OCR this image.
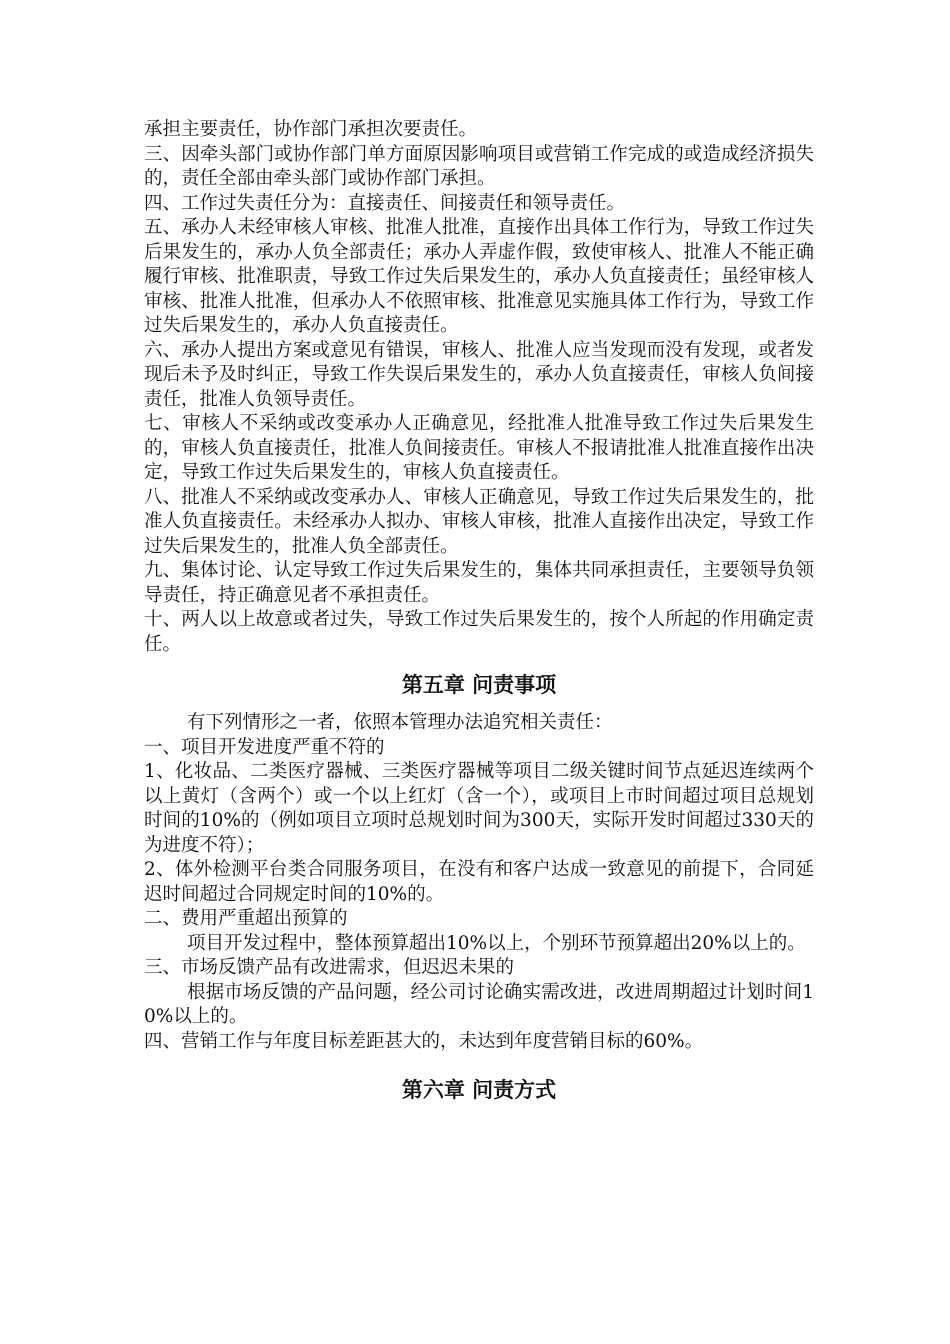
承担主要责任，协作部门承担次要责任。

三、因牵头部门或协作部门单方面原因影响项目或营销工作完成的或造成经济损失的，责任全部由牵头部门或协作部门承担。

四、工作过失责任分为：直接责任、间接责任和领导责任。

五、承办人未经审核人审核、批准人批准，直接作出具体工作行为，导致工作过失后果发生的，承办人负全部责任；承办人弄虚作假，致使审核人、批准人不能正确履行审核、批准职责，导致工作过失后果发生的，承办人负直接责任；虽经审核人审核、批准人批准，但承办人不依照审核、批准意见实施具体工作行为，导致工作过失后果发生的，承办人负直接责任。

六、承办人提出方案或意见有错误，审核人、批准人应当发现而没有发现，或者发现后未予及时纠正，导致工作失误后果发生的，承办人负直接责任，审核人负间接责任，批准人负领导责任。

七、审核人不采纳或改变承办人正确意见，经批准人批准导致工作过失后果发生的，审核人负直接责任，批准人负间接责任。审核人不报请批准人批准直接作出决定，导致工作过失后果发生的，审核人负直接责任。

八、批准人不采纳或改变承办人、审核人正确意见，导致工作过失后果发生的，批准人负直接责任。未经承办人拟办、审核人审核，批准人直接作出决定，导致工作过失后果发生的，批准人负全部责任。

九、集体讨论、认定导致工作过失后果发生的，集体共同承担责任，主要领导负领导责任，持正确意见者不承担责任。

十、两人以上故意或者过失，导致工作过失后果发生的，按个人所起的作用确定责任。

第五章 问责事项

有下列情形之一者，依照本管理办法追究相关责任：

一、项目开发进度严重不符的

1、化妆品、二类医疗器械、三类医疗器械等项目二级关键时间节点延迟连续两个以上黄灯（含两个）或一个以上红灯（含一个），或项目上市时间超过项目总规划时间的10%的（例如项目立项时总规划时间为300天，实际开发时间超过330天的为进度不符）；

2、体外检测平台类合同服务项目，在没有和客户达成一致意见的前提下，合同延迟时间超过合同规定时间的10%的。

二、费用严重超出预算的

项目开发过程中，整体预算超出10%以上，个别环节预算超出20%以上的。

三、市场反馈产品有改进需求，但迟迟未果的

根据市场反馈的产品问题，经公司讨论确实需改进，改进周期超过计划时间10%以上的。

四、营销工作与年度目标差距甚大的，未达到年度营销目标的60%。

第六章 问责方式
